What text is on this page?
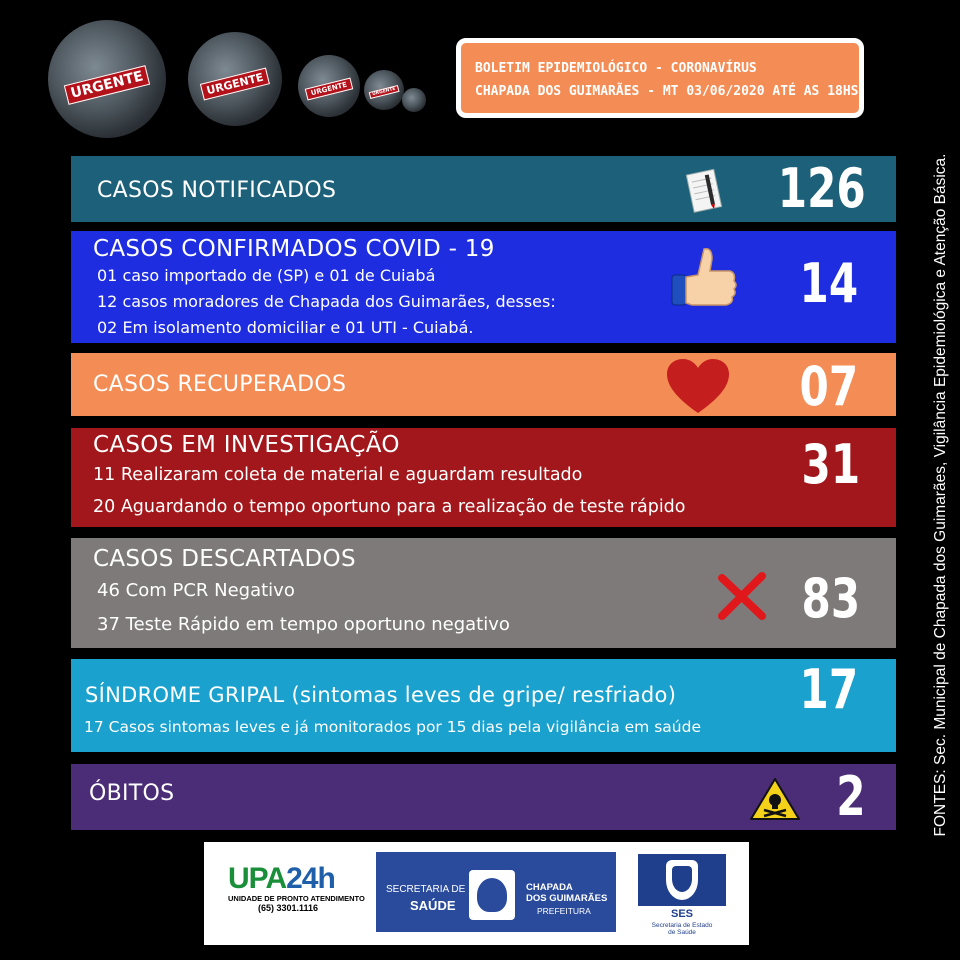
URGENTE	URGENTE	URGENTE	URGENTE
BOLETIM EPIDEMIOLÓGICO - CORONAVÍRUS
CHAPADA DOS GUIMARÃES - MT 03/06/2020 ATÉ AS 18HS
CASOS NOTIFICADOS	126
CASOS CONFIRMADOS COVID - 19
01 caso importado de (SP) e 01 de Cuiabá
12 casos moradores de Chapada dos Guimarães, desses:
02 Em isolamento domiciliar e 01 UTI - Cuiabá.
14
CASOS RECUPERADOS	07
CASOS EM INVESTIGAÇÃO
11 Realizaram coleta de material e aguardam resultado
20 Aguardando o tempo oportuno para a realização de teste rápido
31
CASOS DESCARTADOS
46 Com PCR Negativo
37 Teste Rápido em tempo oportuno negativo	83
SÍNDROME GRIPAL (sintomas leves de gripe/ resfriado)
17 Casos sintomas leves e já monitorados por 15 dias pela vigilância em saúde
17
ÓBITOS	2	FONTES: Sec. Municipal de Chapada dos Guimarães, Vigilância Epidemiológica e Atenção Básica.
UPA24h
UNIDADE DE PRONTO ATENDIMENTO
(65) 3301.1116
SECRETARIA DE
SAÚDE
CHAPADA
DOS GUIMARÃES
PREFEITURA	SES
Secretaria de Estado
de Saúde
